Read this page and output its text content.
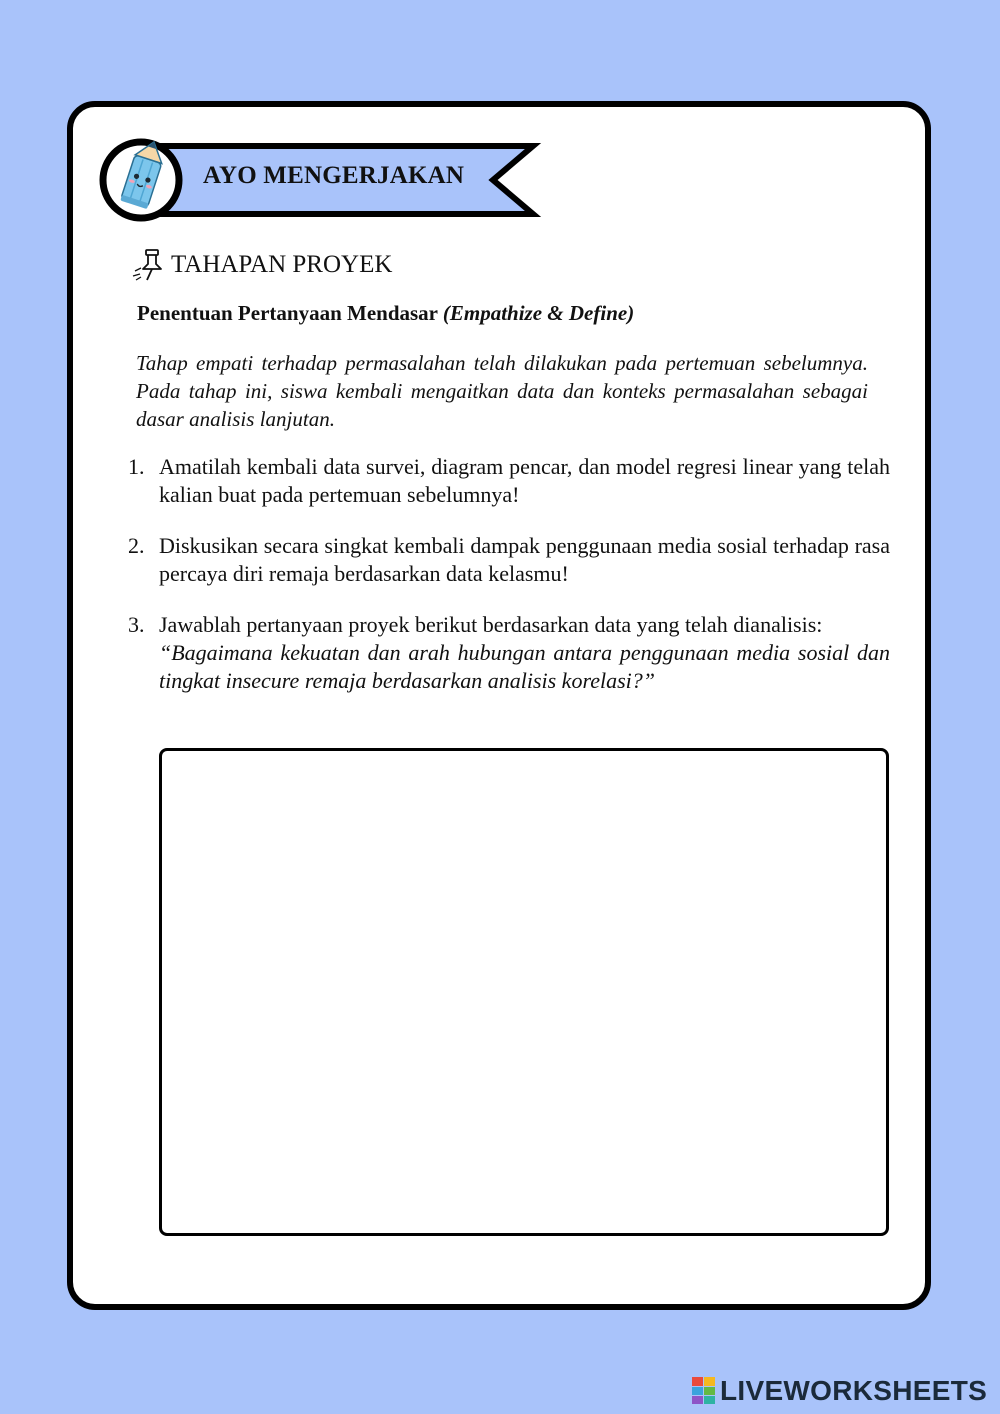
AYO MENGERJAKAN
TAHAPAN PROYEK
Penentuan Pertanyaan Mendasar (Empathize & Define)

Tahap empati terhadap permasalahan telah dilakukan pada pertemuan sebelumnya. Pada tahap ini, siswa kembali mengaitkan data dan konteks permasalahan sebagai dasar analisis lanjutan.

1. Amatilah kembali data survei, diagram pencar, dan model regresi linear yang telah kalian buat pada pertemuan sebelumnya!
2. Diskusikan secara singkat kembali dampak penggunaan media sosial terhadap rasa percaya diri remaja berdasarkan data kelasmu!
3. Jawablah pertanyaan proyek berikut berdasarkan data yang telah dianalisis:
“Bagaimana kekuatan dan arah hubungan antara penggunaan media sosial dan tingkat insecure remaja berdasarkan analisis korelasi?”
LIVEWORKSHEETS
